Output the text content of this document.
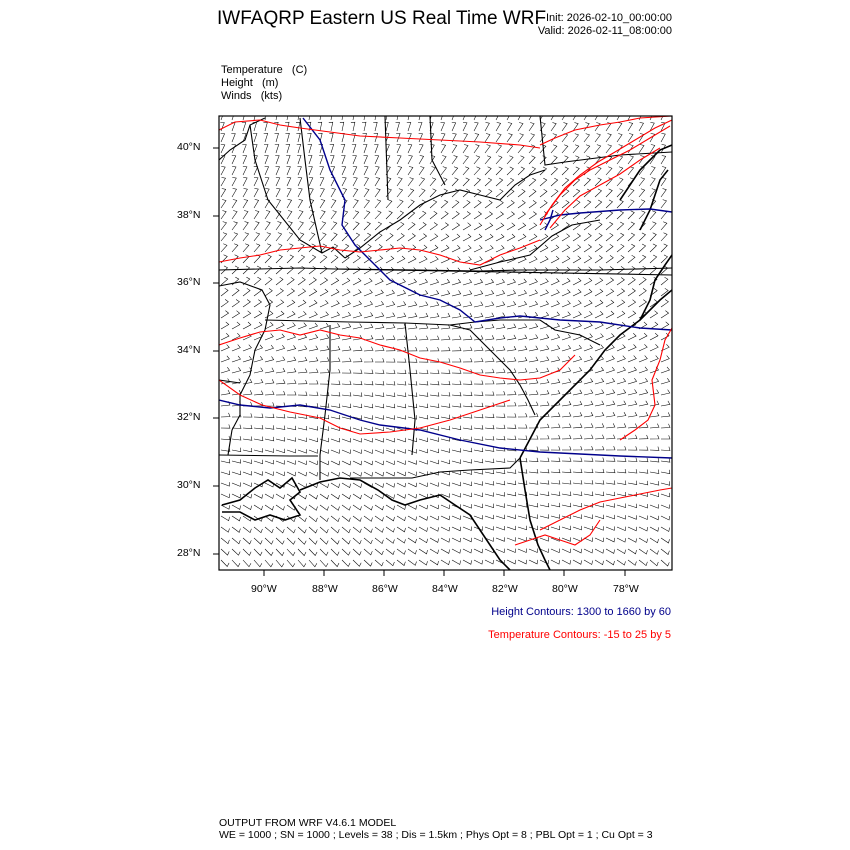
IWFAQRP Eastern US Real Time WRF Init: 2026-02-10_00:00:00
Valid: 2026-02-11_08:00:00
Temperature   (C)
Height   (m)
Winds   (kts)
40°N
38°N
36°N
34°N
32°N
30°N
28°N
90°W	88°W	86°W	84°W	82°W	80°W	78°W
Height Contours: 1300 to 1660 by 60
Temperature Contours: -15 to 25 by 5
OUTPUT FROM WRF V4.6.1 MODEL
WE = 1000 ; SN = 1000 ; Levels = 38 ; Dis = 1.5km ; Phys Opt = 8 ; PBL Opt = 1 ; Cu Opt = 3
